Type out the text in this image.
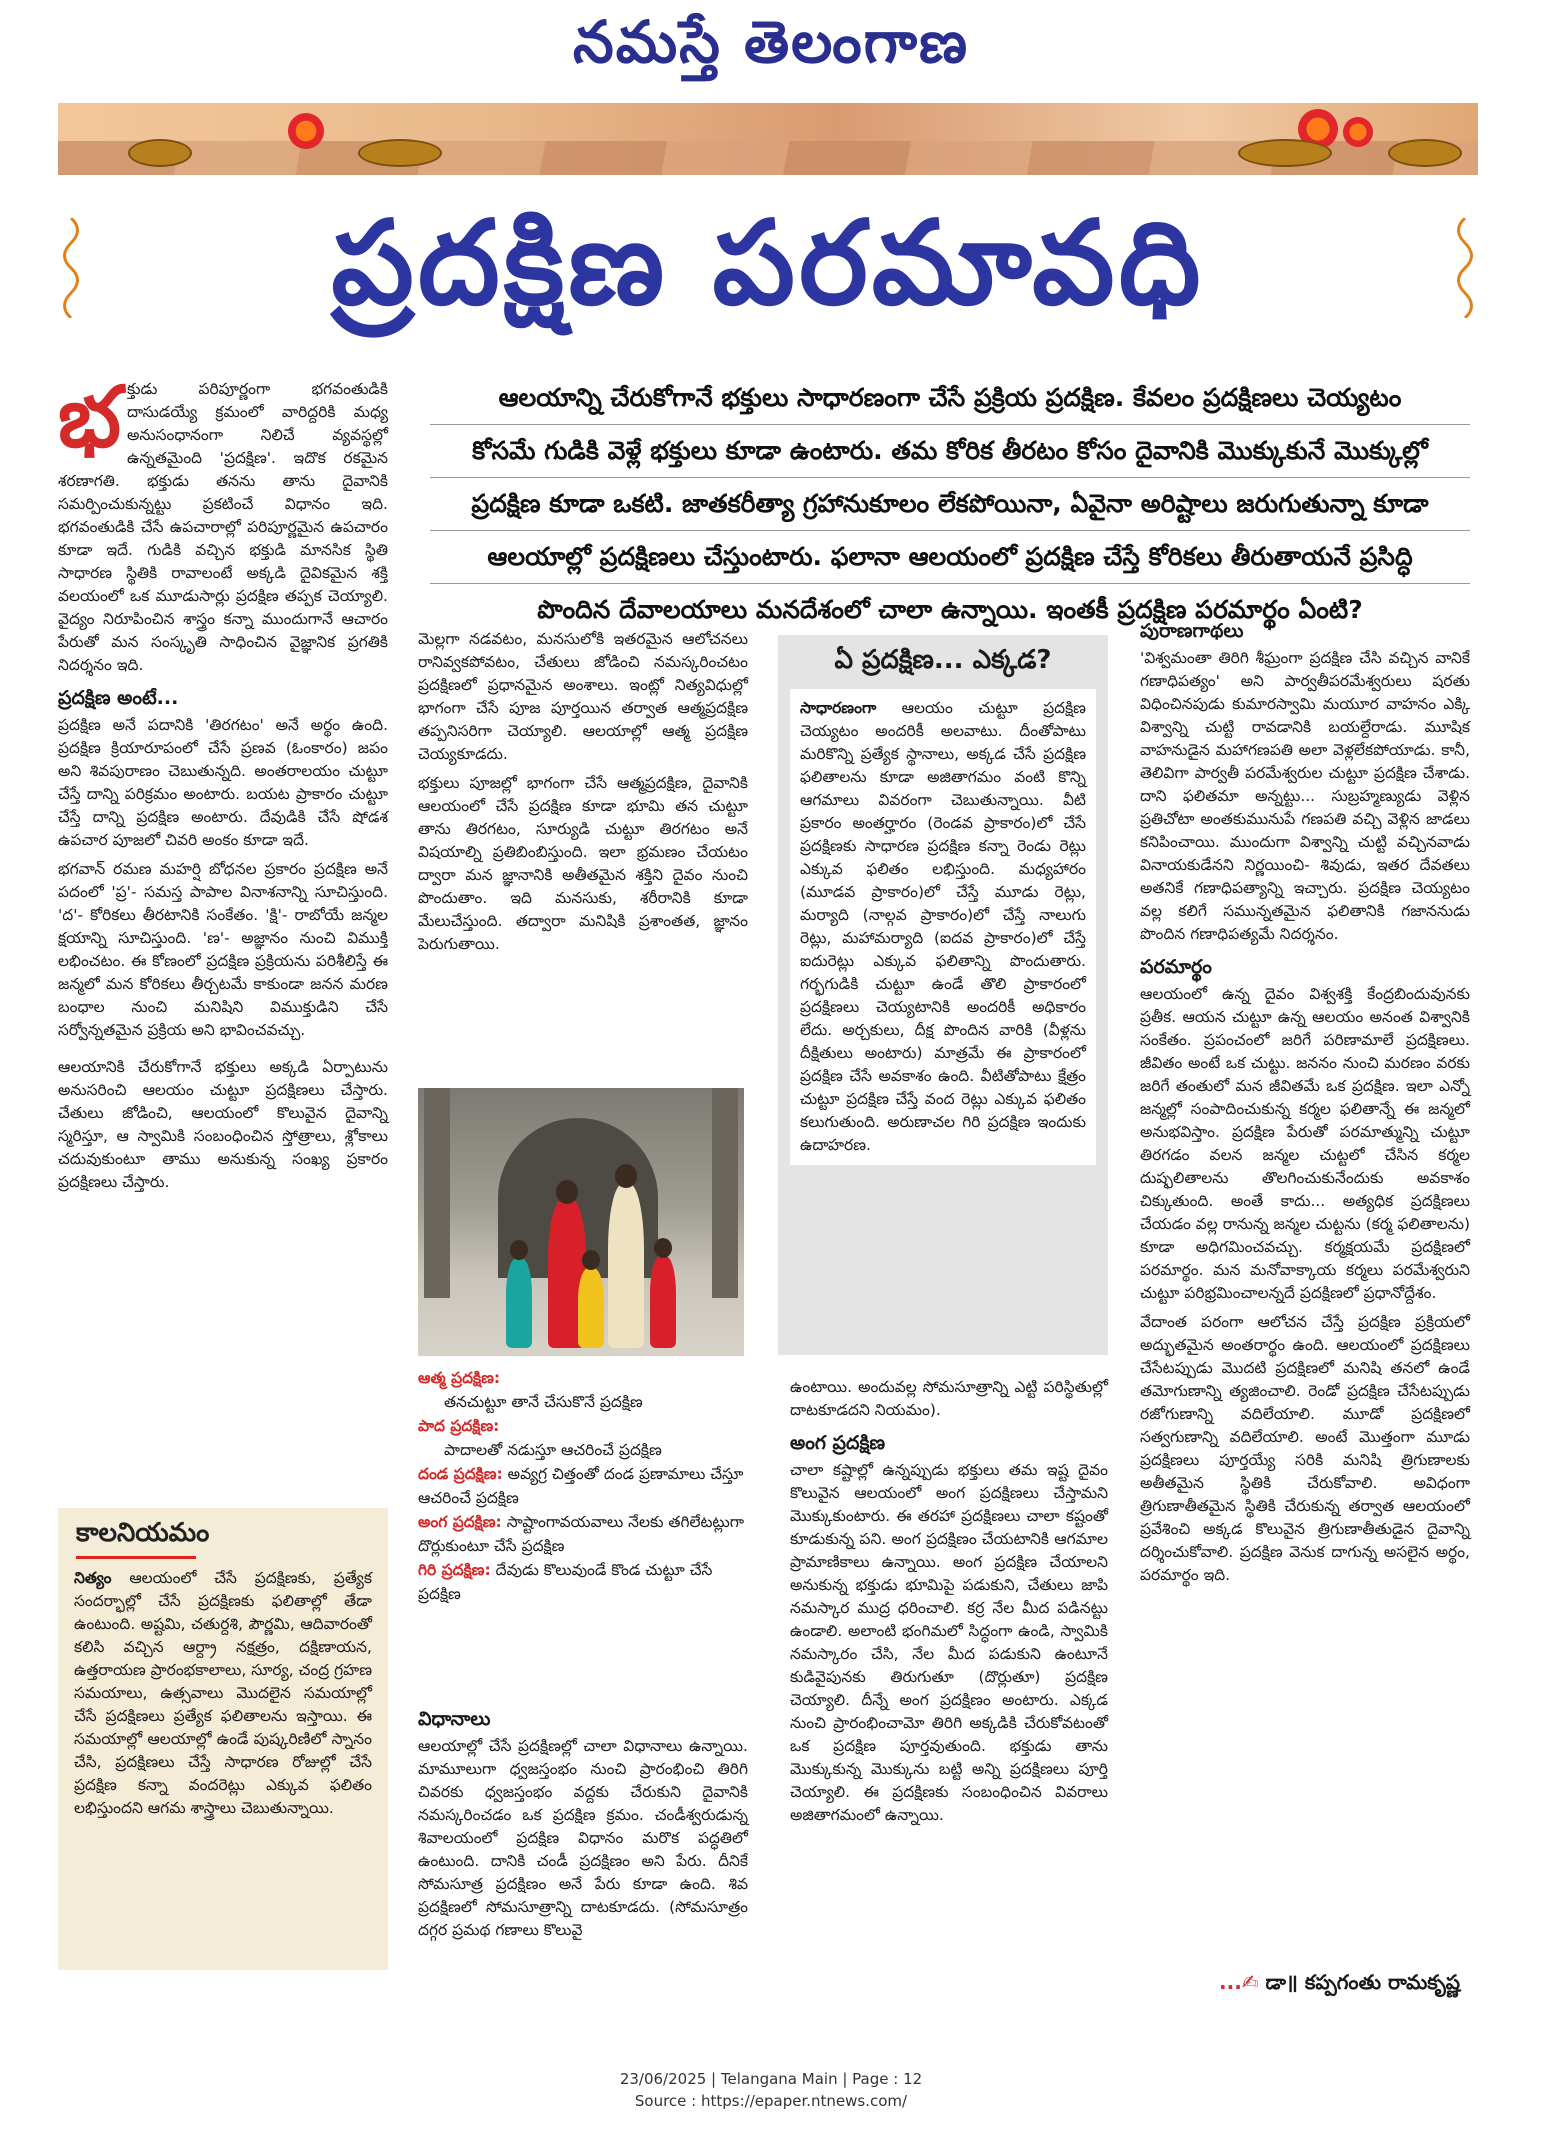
నమస్తే తెలంగాణ
ప్రదక్షిణ పరమావధి

ఆలయాన్ని చేరుకోగానే భక్తులు సాధారణంగా చేసే ప్రక్రియ ప్రదక్షిణ. కేవలం ప్రదక్షిణలు చెయ్యటం

కోసమే గుడికి వెళ్లే భక్తులు కూడా ఉంటారు. తమ కోరిక తీరటం కోసం దైవానికి మొక్కుకునే మొక్కుల్లో

ప్రదక్షిణ కూడా ఒకటి. జాతకరీత్యా గ్రహానుకూలం లేకపోయినా, ఏవైనా అరిష్టాలు జరుగుతున్నా కూడా

ఆలయాల్లో ప్రదక్షిణలు చేస్తుంటారు. ఫలానా ఆలయంలో ప్రదక్షిణ చేస్తే కోరికలు తీరుతాయనే ప్రసిద్ధి

పొందిన దేవాలయాలు మనదేశంలో చాలా ఉన్నాయి. ఇంతకీ ప్రదక్షిణ పరమార్థం ఏంటి?

భక్తుడు పరిపూర్ణంగా భగవంతుడికి దాసుడయ్యే క్రమంలో వారిద్దరికి మధ్య అనుసంధానంగా నిలిచే వ్యవస్థల్లో ఉన్నతమైంది 'ప్రదక్షిణ'. ఇదొక రకమైన శరణాగతి. భక్తుడు తనను తాను దైవానికి సమర్పించుకున్నట్టు ప్రకటించే విధానం ఇది. భగవంతుడికి చేసే ఉపచారాల్లో పరిపూర్ణమైన ఉపచారం కూడా ఇదే. గుడికి వచ్చిన భక్తుడి మానసిక స్థితి సాధారణ స్థితికి రావాలంటే అక్కడి దైవికమైన శక్తి వలయంలో ఒక మూడుసార్లు ప్రదక్షిణ తప్పక చెయ్యాలి. వైద్యం నిరూపించిన శాస్త్రం కన్నా ముందుగానే ఆచారం పేరుతో మన సంస్కృతి సాధించిన వైజ్ఞానిక ప్రగతికి నిదర్శనం ఇది.

ప్రదక్షిణ అంటే...

ప్రదక్షిణ అనే పదానికి 'తిరగటం' అనే అర్థం ఉంది. ప్రదక్షిణ క్రియారూపంలో చేసే ప్రణవ (ఓంకారం) జపం అని శివపురాణం చెబుతున్నది. అంతరాలయం చుట్టూ చేస్తే దాన్ని పరిక్రమం అంటారు. బయట ప్రాకారం చుట్టూ చేస్తే దాన్ని ప్రదక్షిణ అంటారు. దేవుడికి చేసే షోడశ ఉపచార పూజలో చివరి అంకం కూడా ఇదే.

భగవాన్ రమణ మహర్షి బోధనల ప్రకారం ప్రదక్షిణ అనే పదంలో 'ప్ర'- సమస్త పాపాల వినాశనాన్ని సూచిస్తుంది. 'ద'- కోరికలు తీరటానికి సంకేతం. 'క్షి'- రాబోయే జన్మల క్షయాన్ని సూచిస్తుంది. 'ణ'- అజ్ఞానం నుంచి విముక్తి లభించటం. ఈ కోణంలో ప్రదక్షిణ ప్రక్రియను పరిశీలిస్తే ఈ జన్మలో మన కోరికలు తీర్చటమే కాకుండా జనన మరణ బంధాల నుంచి మనిషిని విముక్తుడిని చేసే సర్వోన్నతమైన ప్రక్రియ అని భావించవచ్చు.

ఆలయానికి చేరుకోగానే భక్తులు అక్కడి ఏర్పాటును అనుసరించి ఆలయం చుట్టూ ప్రదక్షిణలు చేస్తారు. చేతులు జోడించి, ఆలయంలో కొలువైన దైవాన్ని స్మరిస్తూ, ఆ స్వామికి సంబంధించిన స్తోత్రాలు, శ్లోకాలు చదువుకుంటూ తాము అనుకున్న సంఖ్య ప్రకారం ప్రదక్షిణలు చేస్తారు.

కాలనియమం
నిత్యం ఆలయంలో చేసే ప్రదక్షిణకు, ప్రత్యేక సందర్భాల్లో చేసే ప్రదక్షిణకు ఫలితాల్లో తేడా ఉంటుంది. అష్టమి, చతుర్దశి, పౌర్ణమి, ఆదివారంతో కలిసి వచ్చిన ఆర్ద్రా నక్షత్రం, దక్షిణాయన, ఉత్తరాయణ ప్రారంభకాలాలు, సూర్య, చంద్ర గ్రహణ సమయాలు, ఉత్సవాలు మొదలైన సమయాల్లో చేసే ప్రదక్షిణలు ప్రత్యేక ఫలితాలను ఇస్తాయి. ఈ సమయాల్లో ఆలయాల్లో ఉండే పుష్కరిణిలో స్నానం చేసి, ప్రదక్షిణలు చేస్తే సాధారణ రోజుల్లో చేసే ప్రదక్షిణ కన్నా వందరెట్లు ఎక్కువ ఫలితం లభిస్తుందని ఆగమ శాస్త్రాలు చెబుతున్నాయి.

మెల్లగా నడవటం, మనసులోకి ఇతరమైన ఆలోచనలు రానివ్వకపోవటం, చేతులు జోడించి నమస్కరించటం ప్రదక్షిణలో ప్రధానమైన అంశాలు. ఇంట్లో నిత్యవిధుల్లో భాగంగా చేసే పూజ పూర్తయిన తర్వాత ఆత్మప్రదక్షిణ తప్పనిసరిగా చెయ్యాలి. ఆలయాల్లో ఆత్మ ప్రదక్షిణ చెయ్యకూడదు.

భక్తులు పూజల్లో భాగంగా చేసే ఆత్మప్రదక్షిణ, దైవానికి ఆలయంలో చేసే ప్రదక్షిణ కూడా భూమి తన చుట్టూ తాను తిరగటం, సూర్యుడి చుట్టూ తిరగటం అనే విషయాల్ని ప్రతిబింబిస్తుంది. ఇలా భ్రమణం చేయటం ద్వారా మన జ్ఞానానికి అతీతమైన శక్తిని దైవం నుంచి పొందుతాం. ఇది మనసుకు, శరీరానికి కూడా మేలుచేస్తుంది. తద్వారా మనిషికి ప్రశాంతత, జ్ఞానం పెరుగుతాయి.

ఆత్మ ప్రదక్షిణ:
తనచుట్టూ తానే చేసుకొనే ప్రదక్షిణ
పాద ప్రదక్షిణ:
పాదాలతో నడుస్తూ ఆచరించే ప్రదక్షిణ
దండ ప్రదక్షిణ: అవ్యగ్ర చిత్తంతో దండ ప్రణామాలు చేస్తూ ఆచరించే ప్రదక్షిణ
అంగ ప్రదక్షిణ: సాష్టాంగావయవాలు నేలకు తగిలేటట్లుగా దొర్లుకుంటూ చేసే ప్రదక్షిణ
గిరి ప్రదక్షిణ: దేవుడు కొలువుండే కొండ చుట్టూ చేసే ప్రదక్షిణ
విధానాలు

ఆలయాల్లో చేసే ప్రదక్షిణల్లో చాలా విధానాలు ఉన్నాయి. మామూలుగా ధ్వజస్తంభం నుంచి ప్రారంభించి తిరిగి చివరకు ధ్వజస్తంభం వద్దకు చేరుకుని దైవానికి నమస్కరించడం ఒక ప్రదక్షిణ క్రమం. చండీశ్వరుడున్న శివాలయంలో ప్రదక్షిణ విధానం మరొక పద్ధతిలో ఉంటుంది. దానికి చండీ ప్రదక్షిణం అని పేరు. దీనికే సోమసూత్ర ప్రదక్షిణం అనే పేరు కూడా ఉంది. శివ ప్రదక్షిణలో సోమసూత్రాన్ని దాటకూడదు. (సోమసూత్రం దగ్గర ప్రమథ గణాలు కొలువై

ఏ ప్రదక్షిణ... ఎక్కడ?
సాధారణంగా ఆలయం చుట్టూ ప్రదక్షిణ చెయ్యటం అందరికీ అలవాటు. దీంతోపాటు మరికొన్ని ప్రత్యేక స్థానాలు, అక్కడ చేసే ప్రదక్షిణ ఫలితాలను కూడా అజితాగమం వంటి కొన్ని ఆగమాలు వివరంగా చెబుతున్నాయి. వీటి ప్రకారం అంతర్హారం (రెండవ ప్రాకారం)లో చేసే ప్రదక్షిణకు సాధారణ ప్రదక్షిణ కన్నా రెండు రెట్లు ఎక్కువ ఫలితం లభిస్తుంది. మధ్యహారం (మూడవ ప్రాకారం)లో చేస్తే మూడు రెట్లు, మర్యాది (నాల్గవ ప్రాకారం)లో చేస్తే నాలుగు రెట్లు, మహామర్యాది (ఐదవ ప్రాకారం)లో చేస్తే ఐదురెట్లు ఎక్కువ ఫలితాన్ని పొందుతారు. గర్భగుడికి చుట్టూ ఉండే తొలి ప్రాకారంలో ప్రదక్షిణలు చెయ్యటానికి అందరికీ అధికారం లేదు. అర్చకులు, దీక్ష పొందిన వారికి (వీళ్లను దీక్షితులు అంటారు) మాత్రమే ఈ ప్రాకారంలో ప్రదక్షిణ చేసే అవకాశం ఉంది. వీటితోపాటు క్షేత్రం చుట్టూ ప్రదక్షిణ చేస్తే వంద రెట్లు ఎక్కువ ఫలితం కలుగుతుంది. అరుణాచల గిరి ప్రదక్షిణ ఇందుకు ఉదాహరణ.

ఉంటాయి. అందువల్ల సోమసూత్రాన్ని ఎట్టి పరిస్థితుల్లో దాటకూడదని నియమం).

అంగ ప్రదక్షిణ

చాలా కష్టాల్లో ఉన్నప్పుడు భక్తులు తమ ఇష్ట దైవం కొలువైన ఆలయంలో అంగ ప్రదక్షిణలు చేస్తామని మొక్కుకుంటారు. ఈ తరహా ప్రదక్షిణలు చాలా కష్టంతో కూడుకున్న పని. అంగ ప్రదక్షిణం చేయటానికి ఆగమాల ప్రామాణికాలు ఉన్నాయి. అంగ ప్రదక్షిణ చేయాలని అనుకున్న భక్తుడు భూమిపై పడుకుని, చేతులు జాపి నమస్కార ముద్ర ధరించాలి. కర్ర నేల మీద పడినట్టు ఉండాలి. అలాంటి భంగిమలో సిద్ధంగా ఉండి, స్వామికి నమస్కారం చేసి, నేల మీద పడుకుని ఉంటూనే కుడివైపునకు తిరుగుతూ (దొర్లుతూ) ప్రదక్షిణ చెయ్యాలి. దీన్నే అంగ ప్రదక్షిణం అంటారు. ఎక్కడ నుంచి ప్రారంభించామో తిరిగి అక్కడికి చేరుకోవటంతో ఒక ప్రదక్షిణ పూర్తవుతుంది. భక్తుడు తాను మొక్కుకున్న మొక్కును బట్టి అన్ని ప్రదక్షిణలు పూర్తి చెయ్యాలి. ఈ ప్రదక్షిణకు సంబంధించిన వివరాలు అజితాగమంలో ఉన్నాయి.

పురాణగాథలు

'విశ్వమంతా తిరిగి శీఘ్రంగా ప్రదక్షిణ చేసి వచ్చిన వానికే గణాధిపత్యం' అని పార్వతీపరమేశ్వరులు షరతు విధించినపుడు కుమారస్వామి మయూర వాహనం ఎక్కి విశ్వాన్ని చుట్టి రావడానికి బయల్దేరాడు. మూషిక వాహనుడైన మహాగణపతి అలా వెళ్లలేకపోయాడు. కానీ, తెలివిగా పార్వతీ పరమేశ్వరుల చుట్టూ ప్రదక్షిణ చేశాడు. దాని ఫలితమా అన్నట్టు... సుబ్రహ్మణ్యుడు వెళ్లిన ప్రతిచోటా అంతకుమునుపే గణపతి వచ్చి వెళ్లిన జాడలు కనిపించాయి. ముందుగా విశ్వాన్ని చుట్టి వచ్చినవాడు వినాయకుడేనని నిర్ణయించి- శివుడు, ఇతర దేవతలు అతనికే గణాధిపత్యాన్ని ఇచ్చారు. ప్రదక్షిణ చెయ్యటం వల్ల కలిగే సమున్నతమైన ఫలితానికి గజాననుడు పొందిన గణాధిపత్యమే నిదర్శనం.

పరమార్థం

ఆలయంలో ఉన్న దైవం విశ్వశక్తి కేంద్రబిందువునకు ప్రతీక. ఆయన చుట్టూ ఉన్న ఆలయం అనంత విశ్వానికి సంకేతం. ప్రపంచంలో జరిగే పరిణామాలే ప్రదక్షిణలు. జీవితం అంటే ఒక చుట్టు. జననం నుంచి మరణం వరకు జరిగే తంతులో మన జీవితమే ఒక ప్రదక్షిణ. ఇలా ఎన్నో జన్మల్లో సంపాదించుకున్న కర్మల ఫలితాన్నే ఈ జన్మలో అనుభవిస్తాం. ప్రదక్షిణ పేరుతో పరమాత్మున్ని చుట్టూ తిరగడం వలన జన్మల చుట్టలో చేసిన కర్మల దుష్ఫలితాలను తొలగించుకునేందుకు అవకాశం చిక్కుతుంది. అంతే కాదు... అత్యధిక ప్రదక్షిణలు చేయడం వల్ల రానున్న జన్మల చుట్టను (కర్మ ఫలితాలను) కూడా అధిగమించవచ్చు. కర్మక్షయమే ప్రదక్షిణలో పరమార్థం. మన మనోవాక్కాయ కర్మలు పరమేశ్వరుని చుట్టూ పరిభ్రమించాలన్నదే ప్రదక్షిణలో ప్రధానోద్దేశం.

వేదాంత పరంగా ఆలోచన చేస్తే ప్రదక్షిణ ప్రక్రియలో అద్భుతమైన అంతరార్థం ఉంది. ఆలయంలో ప్రదక్షిణలు చేసేటప్పుడు మొదటి ప్రదక్షిణలో మనిషి తనలో ఉండే తమోగుణాన్ని త్యజించాలి. రెండో ప్రదక్షిణ చేసేటప్పుడు రజోగుణాన్ని వదిలేయాలి. మూడో ప్రదక్షిణలో సత్వగుణాన్ని వదిలేయాలి. అంటే మొత్తంగా మూడు ప్రదక్షిణలు పూర్తయ్యే సరికి మనిషి త్రిగుణాలకు అతీతమైన స్థితికి చేరుకోవాలి. అవిధంగా త్రిగుణాతీతమైన స్థితికి చేరుకున్న తర్వాత ఆలయంలో ప్రవేశించి అక్కడ కొలువైన త్రిగుణాతీతుడైన దైవాన్ని దర్శించుకోవాలి. ప్రదక్షిణ వెనుక దాగున్న అసలైన అర్థం, పరమార్థం ఇది.

...✍ డా॥ కప్పగంతు రామకృష్ణ
23/06/2025 | Telangana Main | Page : 12
Source : https://epaper.ntnews.com/
